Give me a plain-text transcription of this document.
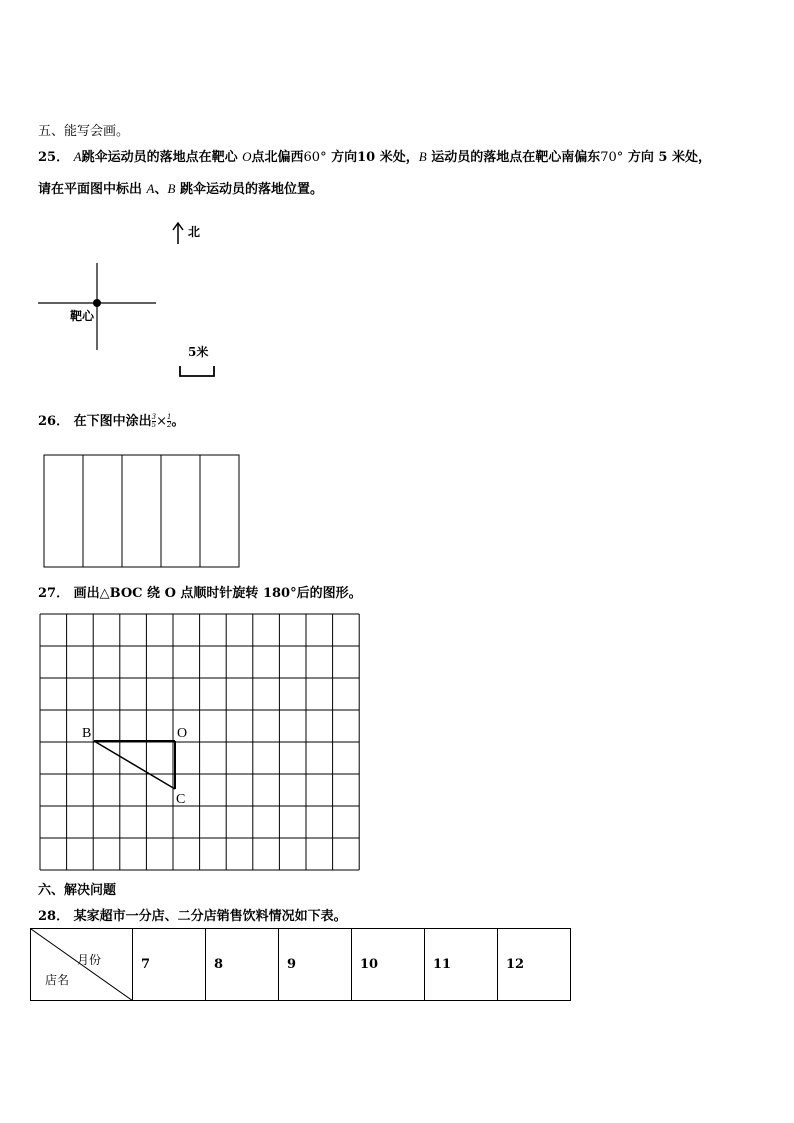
五、能写会画。
25． A跳伞运动员的落地点在靶心 O点北偏西60° 方向10 米处，B 运动员的落地点在靶心南偏东70° 方向 5 米处，
请在平面图中标出 A、B 跳伞运动员的落地位置。
北
靶心
5米
26． 在下图中涂出 $\frac{3}{5} \times \frac{1}{2}$ 。
27． 画出△BOC 绕 O 点顺时针旋转 180°后的图形。
B	O
C
六、解决问题
28． 某家超市一分店、二分店销售饮料情况如下表。
月份
店名
	7	8	9	10	11	12
